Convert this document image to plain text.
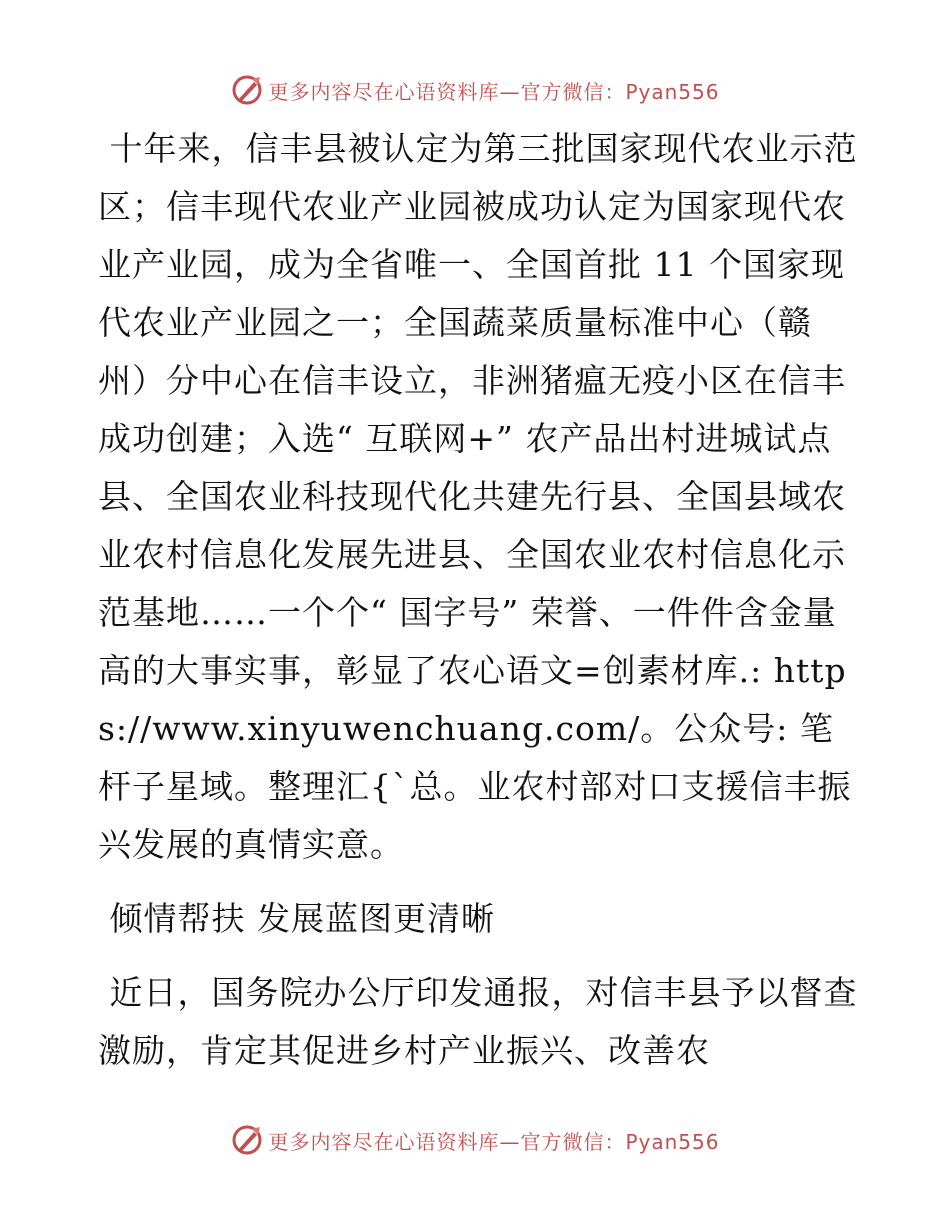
更多内容尽在心语资料库—官方微信：Pyan556

十年来，信丰县被认定为第三批国家现代农业示范区；信丰现代农业产业园被成功认定为国家现代农业产业园，成为全省唯一、全国首批 11 个国家现代农业产业园之一；全国蔬菜质量标准中心（赣州）分中心在信丰设立，非洲猪瘟无疫小区在信丰成功创建；入选“ 互联网+” 农产品出村进城试点县、全国农业科技现代化共建先行县、全国县域农业农村信息化发展先进县、全国农业农村信息化示范基地……一个个“ 国字号” 荣誉、一件件含金量高的大事实事，彰显了农心语文=创素材库.: https://www.xinyuwenchuang.com/。公众号: 笔杆子星域。整理汇{`总。业农村部对口支援信丰振兴发展的真情实意。

倾情帮扶 发展蓝图更清晰

近日，国务院办公厅印发通报，对信丰县予以督查激励，肯定其促进乡村产业振兴、改善农

更多内容尽在心语资料库—官方微信：Pyan556
